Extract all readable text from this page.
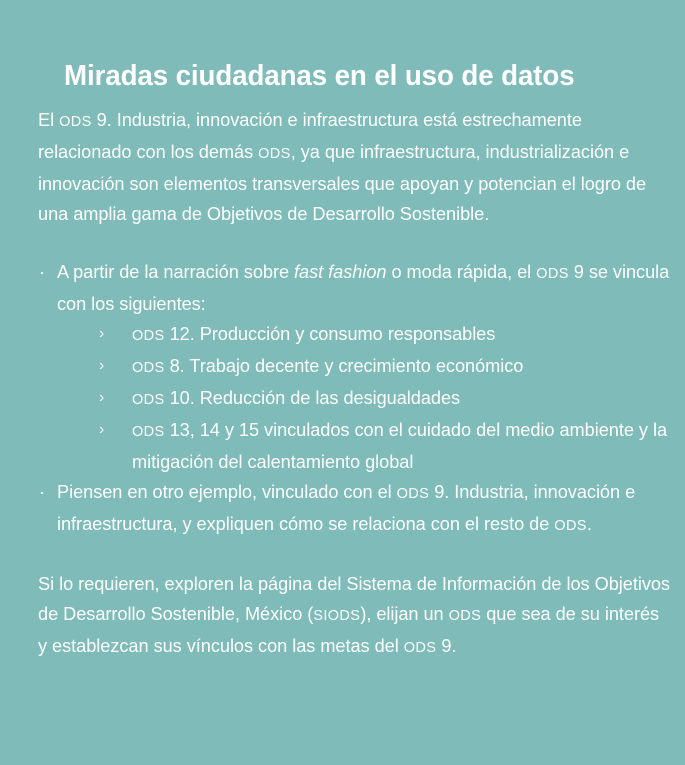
Miradas ciudadanas en el uso de datos

El ODS 9. Industria, innovación e infraestructura está estrechamente relacionado con los demás ODS, ya que infraestructura, industrialización e innovación son elementos transversales que apoyan y potencian el logro de una amplia gama de Objetivos de Desarrollo Sostenible.

· A partir de la narración sobre fast fashion o moda rápida, el ODS 9 se vincula con los siguientes:
› ODS 12. Producción y consumo responsables
› ODS 8. Trabajo decente y crecimiento económico
› ODS 10. Reducción de las desigualdades
› ODS 13, 14 y 15 vinculados con el cuidado del medio ambiente y la mitigación del calentamiento global
· Piensen en otro ejemplo, vinculado con el ODS 9. Industria, innovación e infraestructura, y expliquen cómo se relaciona con el resto de ODS.

Si lo requieren, exploren la página del Sistema de Información de los Objetivos de Desarrollo Sostenible, México (SIODS), elijan un ODS que sea de su interés y establezcan sus vínculos con las metas del ODS 9.
